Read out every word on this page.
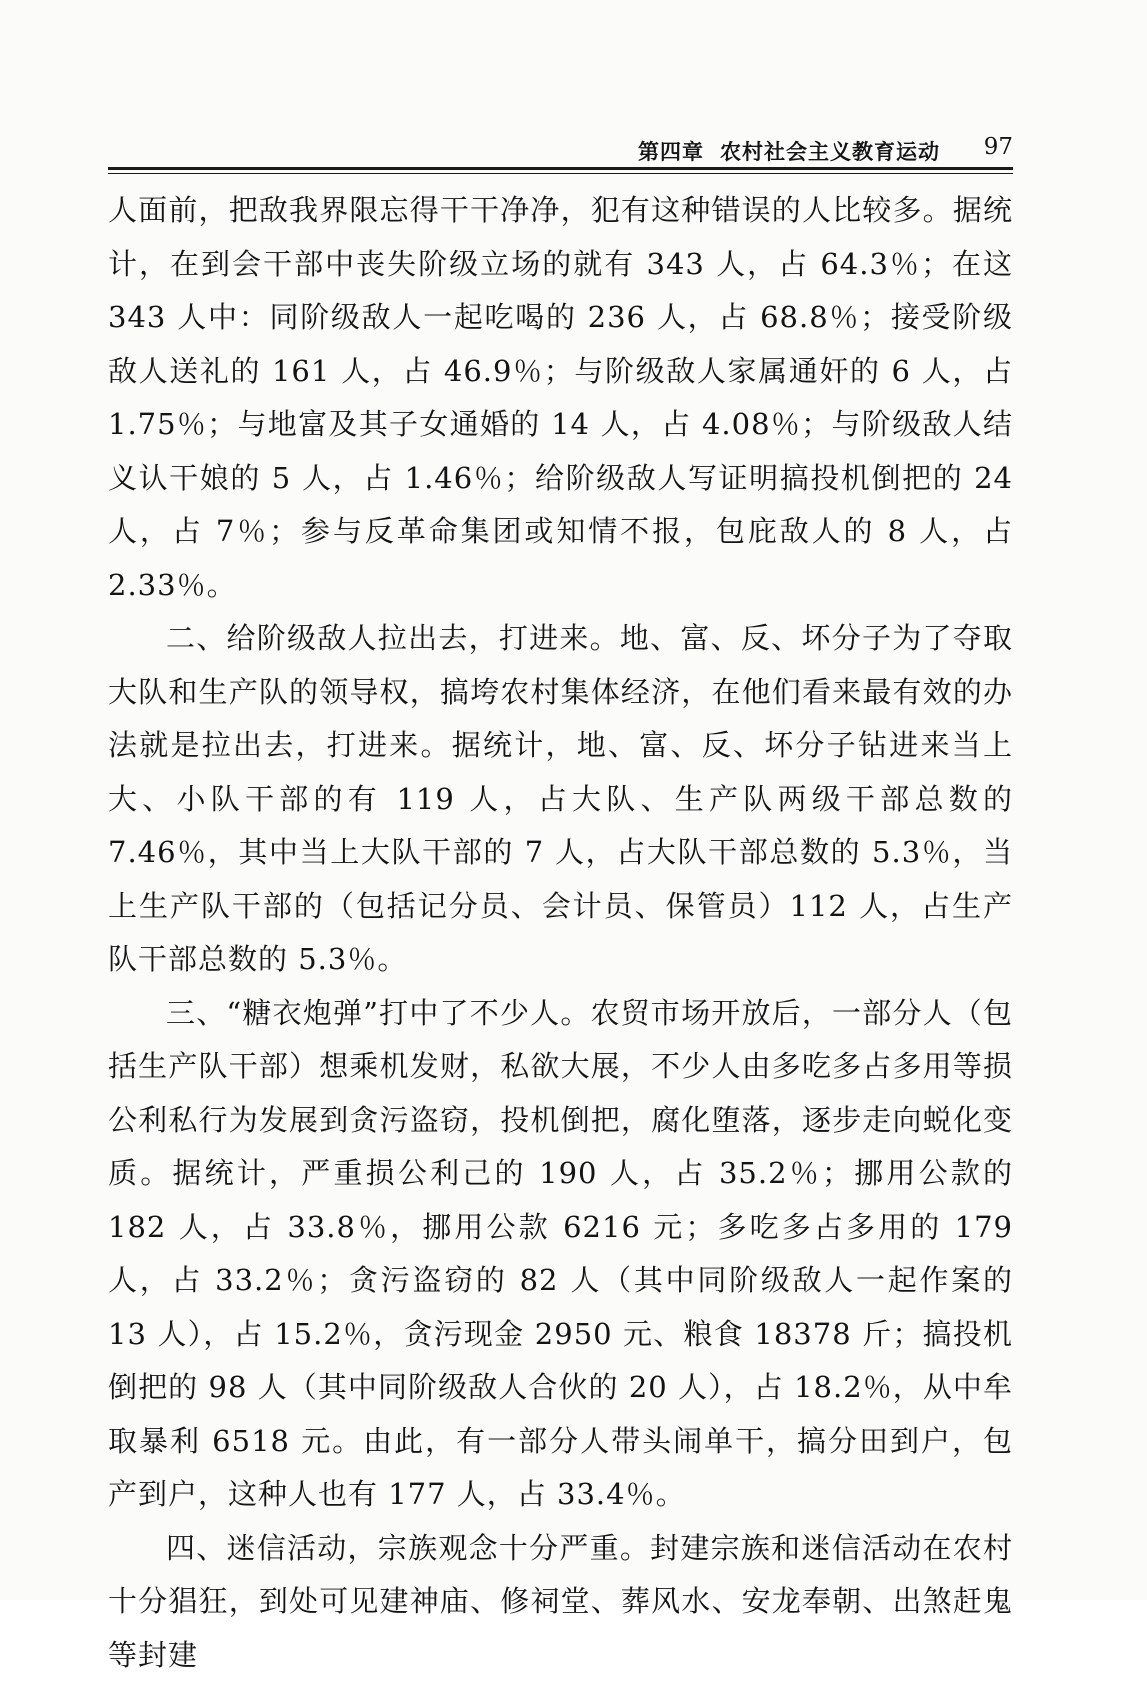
第四章 农村社会主义教育运动 97

人面前，把敌我界限忘得干干净净，犯有这种错误的人比较多。据统计，在到会干部中丧失阶级立场的就有 343 人，占 64.3％；在这 343 人中：同阶级敌人一起吃喝的 236 人，占 68.8％；接受阶级敌人送礼的 161 人，占 46.9％；与阶级敌人家属通奸的 6 人，占 1.75％；与地富及其子女通婚的 14 人，占 4.08％；与阶级敌人结义认干娘的 5 人，占 1.46％；给阶级敌人写证明搞投机倒把的 24 人，占 7％；参与反革命集团或知情不报，包庇敌人的 8 人，占 2.33％。

二、给阶级敌人拉出去，打进来。地、富、反、坏分子为了夺取大队和生产队的领导权，搞垮农村集体经济，在他们看来最有效的办法就是拉出去，打进来。据统计，地、富、反、坏分子钻进来当上大、小队干部的有 119 人，占大队、生产队两级干部总数的 7.46％，其中当上大队干部的 7 人，占大队干部总数的 5.3％，当上生产队干部的（包括记分员、会计员、保管员）112 人，占生产队干部总数的 5.3％。

三、“糖衣炮弹”打中了不少人。农贸市场开放后，一部分人（包括生产队干部）想乘机发财，私欲大展，不少人由多吃多占多用等损公利私行为发展到贪污盗窃，投机倒把，腐化堕落，逐步走向蜕化变质。据统计，严重损公利己的 190 人，占 35.2％；挪用公款的 182 人，占 33.8％，挪用公款 6216 元；多吃多占多用的 179 人，占 33.2％；贪污盗窃的 82 人（其中同阶级敌人一起作案的 13 人），占 15.2％，贪污现金 2950 元、粮食 18378 斤；搞投机倒把的 98 人（其中同阶级敌人合伙的 20 人），占 18.2％，从中牟取暴利 6518 元。由此，有一部分人带头闹单干，搞分田到户，包产到户，这种人也有 177 人，占 33.4％。

四、迷信活动，宗族观念十分严重。封建宗族和迷信活动在农村十分猖狂，到处可见建神庙、修祠堂、葬风水、安龙奉朝、出煞赶鬼等封建
